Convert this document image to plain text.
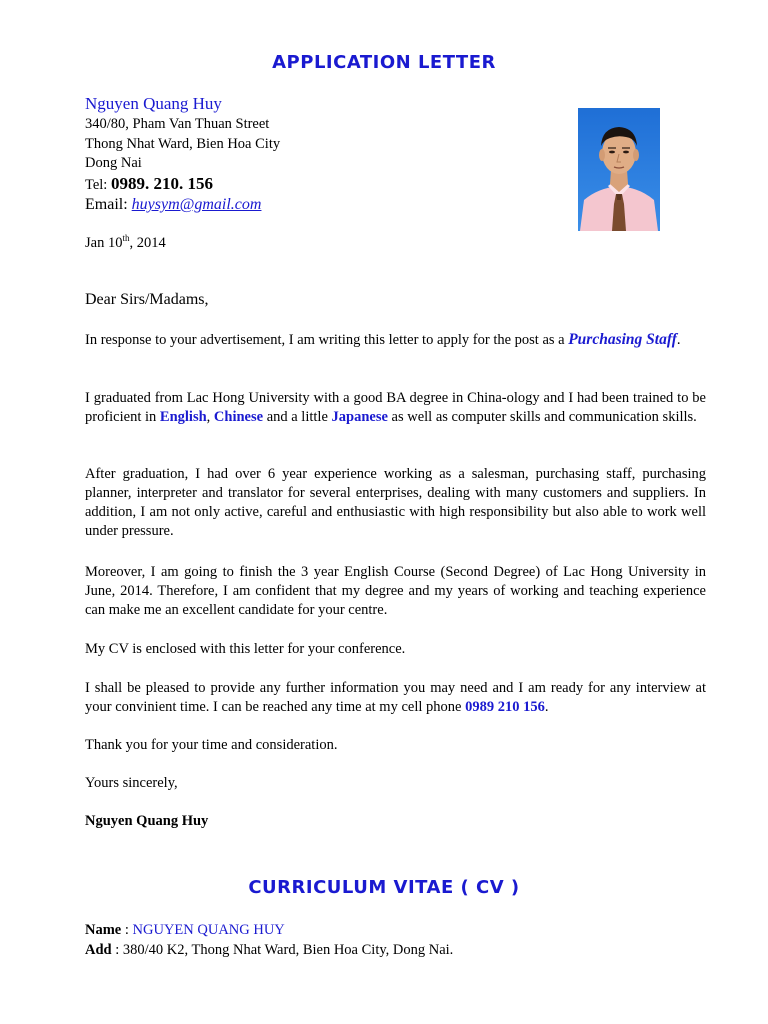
APPLICATION LETTER
Nguyen Quang Huy
340/80, Pham Van Thuan Street
Thong Nhat Ward, Bien Hoa City
Dong Nai
Tel: 0989. 210. 156
Email: huysym@gmail.com
Jan 10th, 2014
Dear Sirs/Madams,
In response to your advertisement, I am writing this letter to apply for the post as a Purchasing Staff.
I graduated from Lac Hong University with a good BA degree in China-ology and I had been trained to be proficient in English, Chinese and a little Japanese as well as computer skills and communication skills.
After graduation, I had over 6 year experience working as a salesman, purchasing staff, purchasing planner, interpreter and translator for several enterprises, dealing with many customers and suppliers. In addition, I am not only active, careful and enthusiastic with high responsibility but also able to work well under pressure.
Moreover, I am going to finish the 3 year English Course (Second Degree) of Lac Hong University in June, 2014. Therefore, I am confident that my degree and my years of working and teaching experience can make me an excellent candidate for your centre.
My CV is enclosed with this letter for your conference.
I shall be pleased to provide any further information you may need and I am ready for any interview at your convinient time. I can be reached any time at my cell phone 0989 210 156.
Thank you for your time and consideration.
Yours sincerely,
Nguyen Quang Huy
CURRICULUM VITAE ( CV )
Name : NGUYEN QUANG HUY
Add : 380/40 K2, Thong Nhat Ward, Bien Hoa City, Dong Nai.
